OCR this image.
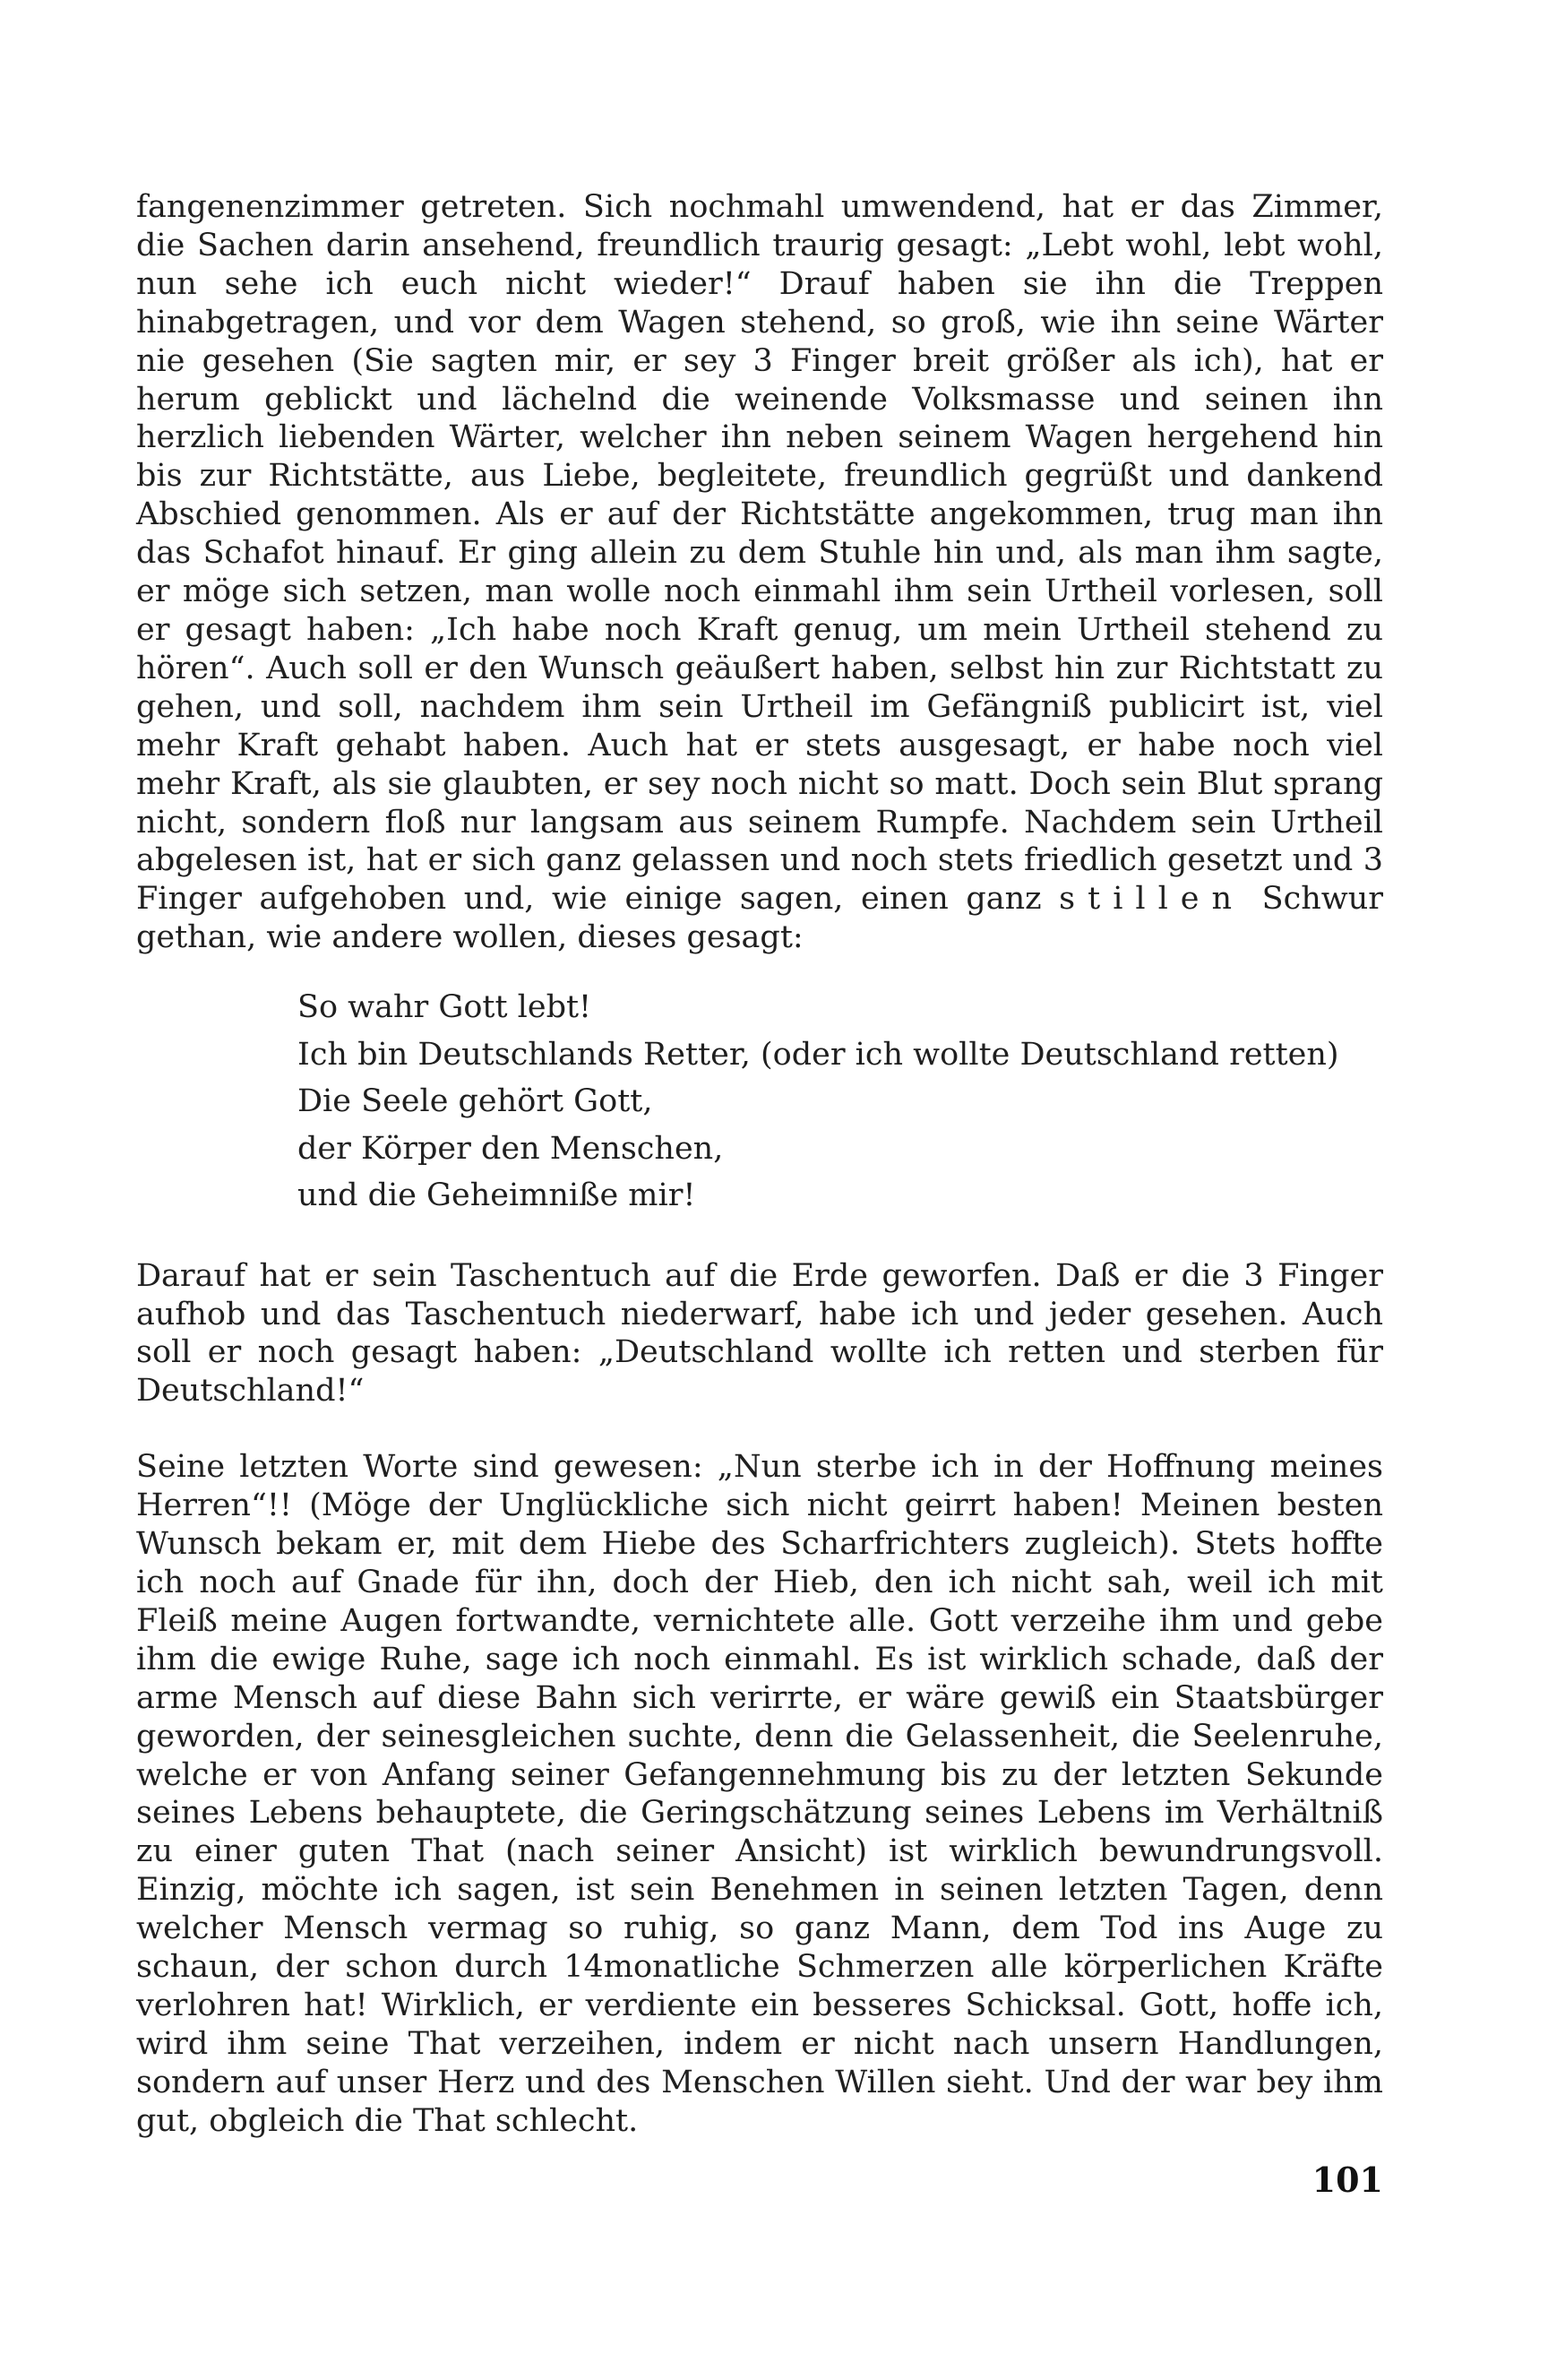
fangenenzimmer getreten. Sich nochmahl umwendend, hat er das Zimmer, die Sachen darin ansehend, freundlich traurig gesagt: „Lebt wohl, lebt wohl, nun sehe ich euch nicht wieder!“ Drauf haben sie ihn die Treppen hinabgetragen, und vor dem Wagen stehend, so groß, wie ihn seine Wärter nie gesehen (Sie sagten mir, er sey 3 Finger breit größer als ich), hat er herum geblickt und lächelnd die weinende Volksmasse und seinen ihn herzlich liebenden Wärter, welcher ihn neben seinem Wagen hergehend hin bis zur Richtstätte, aus Liebe, begleitete, freundlich gegrüßt und dankend Abschied genommen. Als er auf der Richtstätte angekommen, trug man ihn das Schafot hinauf. Er ging allein zu dem Stuhle hin und, als man ihm sagte, er möge sich setzen, man wolle noch einmahl ihm sein Urtheil vorlesen, soll er gesagt haben: „Ich habe noch Kraft genug, um mein Urtheil stehend zu hören“. Auch soll er den Wunsch geäußert haben, selbst hin zur Richtstatt zu gehen, und soll, nachdem ihm sein Urtheil im Gefängniß publicirt ist, viel mehr Kraft gehabt haben. Auch hat er stets ausgesagt, er habe noch viel mehr Kraft, als sie glaubten, er sey noch nicht so matt. Doch sein Blut sprang nicht, sondern floß nur langsam aus seinem Rumpfe. Nachdem sein Urtheil abgelesen ist, hat er sich ganz gelassen und noch stets friedlich gesetzt und 3 Finger aufgehoben und, wie einige sagen, einen ganz stillen Schwur gethan, wie andere wollen, dieses gesagt:

So wahr Gott lebt!
Ich bin Deutschlands Retter, (oder ich wollte Deutschland retten)
Die Seele gehört Gott,
der Körper den Menschen,
und die Geheimniße mir!

Darauf hat er sein Taschentuch auf die Erde geworfen. Daß er die 3 Finger aufhob und das Taschentuch niederwarf, habe ich und jeder gesehen. Auch soll er noch gesagt haben: „Deutschland wollte ich retten und sterben für Deutschland!“

Seine letzten Worte sind gewesen: „Nun sterbe ich in der Hoffnung meines Herren“!! (Möge der Unglückliche sich nicht geirrt haben! Meinen besten Wunsch bekam er, mit dem Hiebe des Scharfrichters zugleich). Stets hoffte ich noch auf Gnade für ihn, doch der Hieb, den ich nicht sah, weil ich mit Fleiß meine Augen fortwandte, vernichtete alle. Gott verzeihe ihm und gebe ihm die ewige Ruhe, sage ich noch einmahl. Es ist wirklich schade, daß der arme Mensch auf diese Bahn sich verirrte, er wäre gewiß ein Staatsbürger geworden, der seinesgleichen suchte, denn die Gelassenheit, die Seelenruhe, welche er von Anfang seiner Gefangennehmung bis zu der letzten Sekunde seines Lebens behauptete, die Geringschätzung seines Lebens im Verhältniß zu einer guten That (nach seiner Ansicht) ist wirklich bewundrungsvoll. Einzig, möchte ich sagen, ist sein Benehmen in seinen letzten Tagen, denn welcher Mensch vermag so ruhig, so ganz Mann, dem Tod ins Auge zu schaun, der schon durch 14monatliche Schmerzen alle körperlichen Kräfte verlohren hat! Wirklich, er verdiente ein besseres Schicksal. Gott, hoffe ich, wird ihm seine That verzeihen, indem er nicht nach unsern Handlungen, sondern auf unser Herz und des Menschen Willen sieht. Und der war bey ihm gut, obgleich die That schlecht.

101
